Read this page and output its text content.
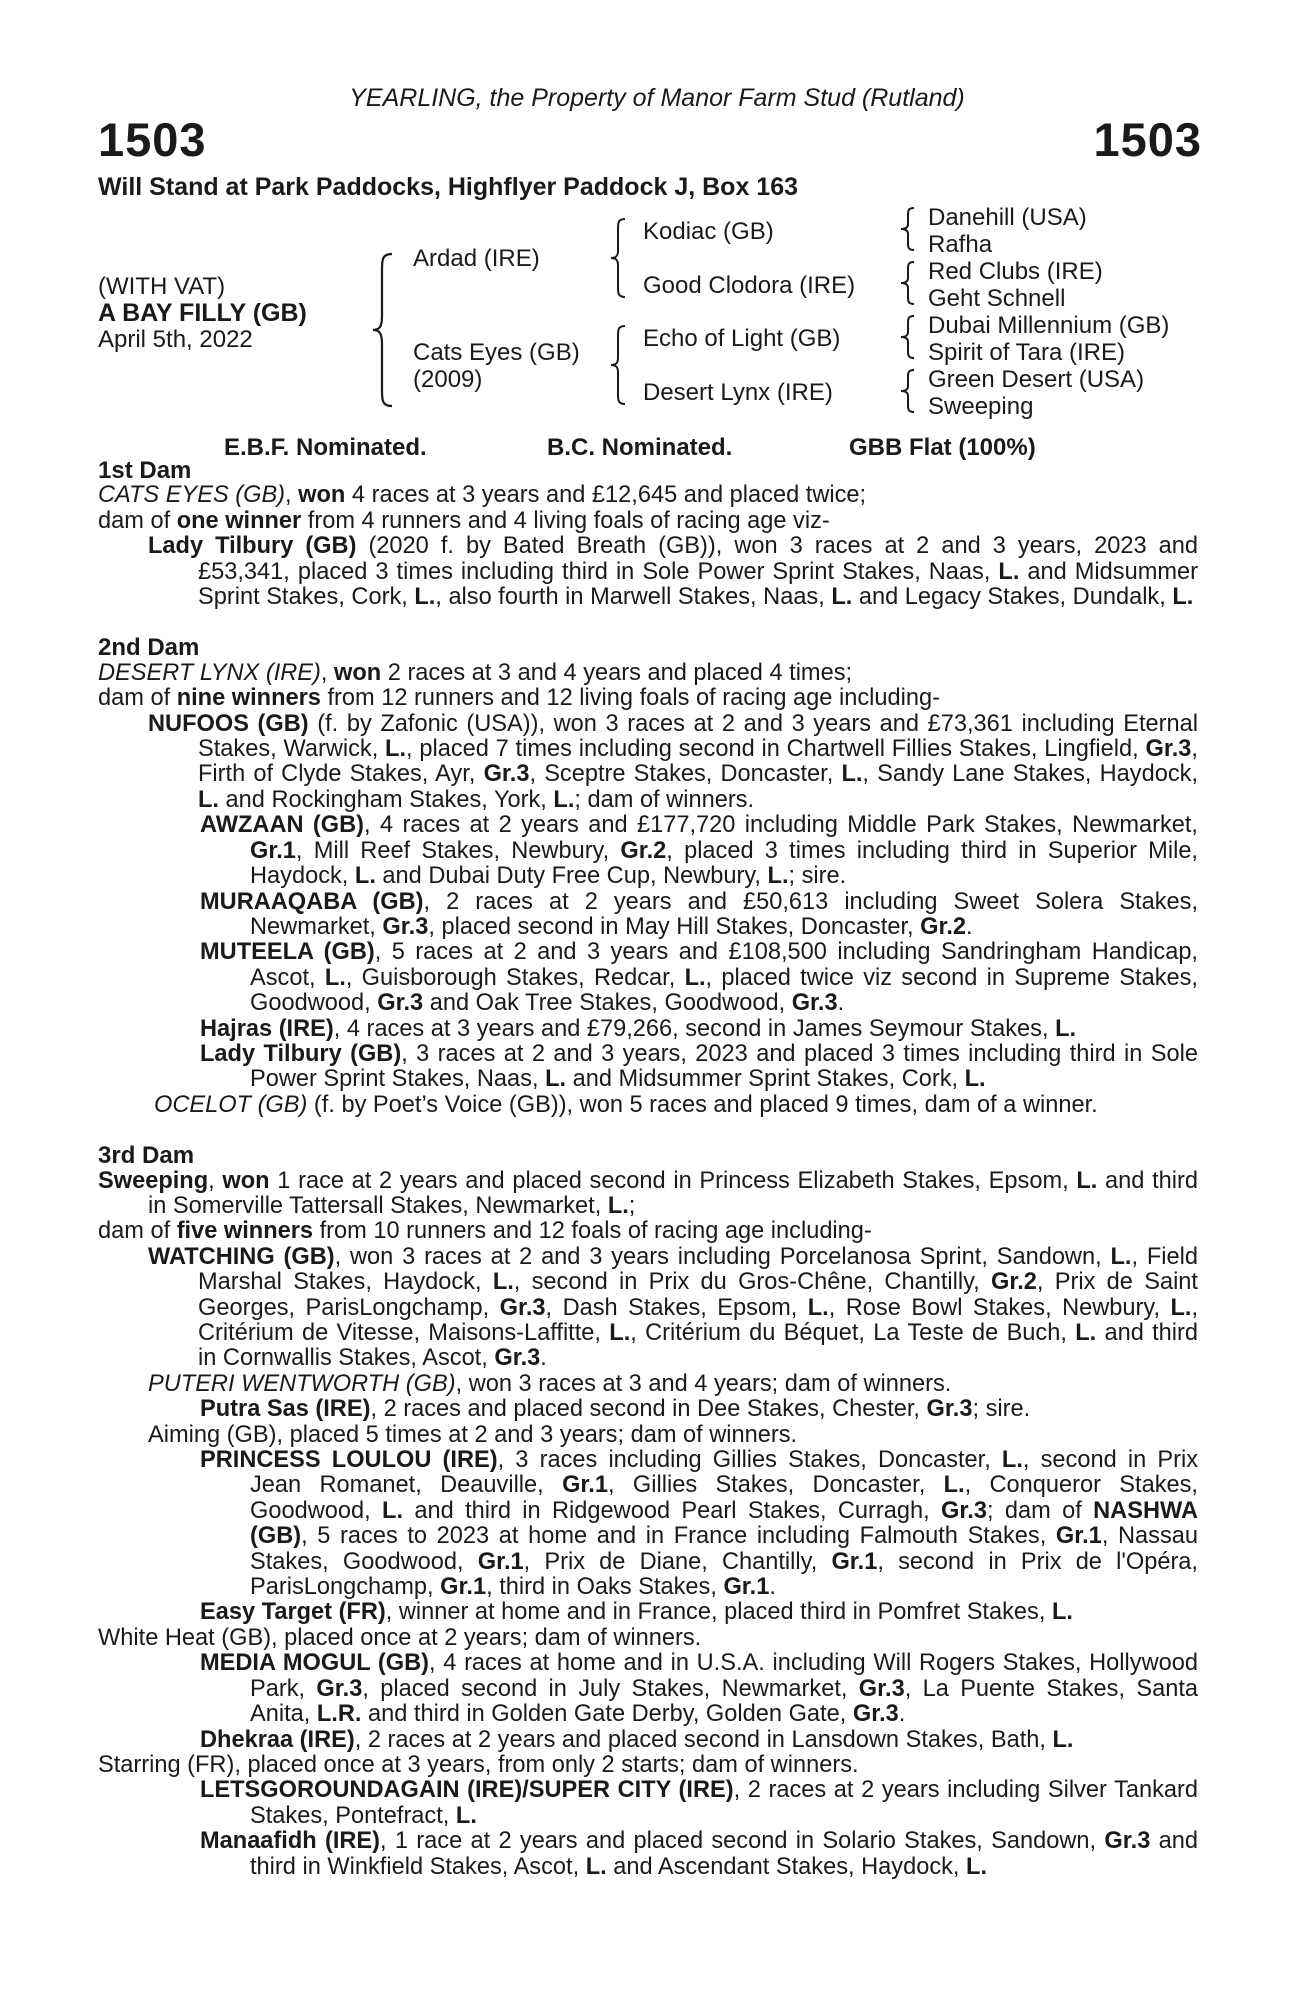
YEARLING, the Property of Manor Farm Stud (Rutland)
1503	1503
Will Stand at Park Paddocks, Highflyer Paddock J, Box 163
(WITH VAT)
A BAY FILLY (GB)
April 5th, 2022
Ardad (IRE)
Cats Eyes (GB)
(2009)
Kodiac (GB)
Good Clodora (IRE)
Echo of Light (GB)
Desert Lynx (IRE)
Danehill (USA)
Rafha
Red Clubs (IRE)
Geht Schnell
Dubai Millennium (GB)
Spirit of Tara (IRE)
Green Desert (USA)
Sweeping
E.B.F. Nominated.	B.C. Nominated.	GBB Flat (100%)
1st Dam
CATS EYES (GB), won 4 races at 3 years and £12,645 and placed twice;
dam of one winner from 4 runners and 4 living foals of racing age viz-
Lady Tilbury (GB) (2020 f. by Bated Breath (GB)), won 3 races at 2 and 3 years, 2023 and £53,341, placed 3 times including third in Sole Power Sprint Stakes, Naas, L. and Midsummer Sprint Stakes, Cork, L., also fourth in Marwell Stakes, Naas, L. and Legacy Stakes, Dundalk, L.
2nd Dam
DESERT LYNX (IRE), won 2 races at 3 and 4 years and placed 4 times;
dam of nine winners from 12 runners and 12 living foals of racing age including-
NUFOOS (GB) (f. by Zafonic (USA)), won 3 races at 2 and 3 years and £73,361 including Eternal Stakes, Warwick, L., placed 7 times including second in Chartwell Fillies Stakes, Lingfield, Gr.3, Firth of Clyde Stakes, Ayr, Gr.3, Sceptre Stakes, Doncaster, L., Sandy Lane Stakes, Haydock, L. and Rockingham Stakes, York, L.; dam of winners.
AWZAAN (GB), 4 races at 2 years and £177,720 including Middle Park Stakes, Newmarket, Gr.1, Mill Reef Stakes, Newbury, Gr.2, placed 3 times including third in Superior Mile, Haydock, L. and Dubai Duty Free Cup, Newbury, L.; sire.
MURAAQABA (GB), 2 races at 2 years and £50,613 including Sweet Solera Stakes, Newmarket, Gr.3, placed second in May Hill Stakes, Doncaster, Gr.2.
MUTEELA (GB), 5 races at 2 and 3 years and £108,500 including Sandringham Handicap, Ascot, L., Guisborough Stakes, Redcar, L., placed twice viz second in Supreme Stakes, Goodwood, Gr.3 and Oak Tree Stakes, Goodwood, Gr.3.
Hajras (IRE), 4 races at 3 years and £79,266, second in James Seymour Stakes, L.
Lady Tilbury (GB), 3 races at 2 and 3 years, 2023 and placed 3 times including third in Sole Power Sprint Stakes, Naas, L. and Midsummer Sprint Stakes, Cork, L.
OCELOT (GB) (f. by Poet’s Voice (GB)), won 5 races and placed 9 times, dam of a winner.
3rd Dam
Sweeping, won 1 race at 2 years and placed second in Princess Elizabeth Stakes, Epsom, L. and third in Somerville Tattersall Stakes, Newmarket, L.;
dam of five winners from 10 runners and 12 foals of racing age including-
WATCHING (GB), won 3 races at 2 and 3 years including Porcelanosa Sprint, Sandown, L., Field Marshal Stakes, Haydock, L., second in Prix du Gros-Chêne, Chantilly, Gr.2, Prix de Saint Georges, ParisLongchamp, Gr.3, Dash Stakes, Epsom, L., Rose Bowl Stakes, Newbury, L., Critérium de Vitesse, Maisons-Laffitte, L., Critérium du Béquet, La Teste de Buch, L. and third in Cornwallis Stakes, Ascot, Gr.3.
PUTERI WENTWORTH (GB), won 3 races at 3 and 4 years; dam of winners.
Putra Sas (IRE), 2 races and placed second in Dee Stakes, Chester, Gr.3; sire.
Aiming (GB), placed 5 times at 2 and 3 years; dam of winners.
PRINCESS LOULOU (IRE), 3 races including Gillies Stakes, Doncaster, L., second in Prix Jean Romanet, Deauville, Gr.1, Gillies Stakes, Doncaster, L., Conqueror Stakes, Goodwood, L. and third in Ridgewood Pearl Stakes, Curragh, Gr.3; dam of NASHWA (GB), 5 races to 2023 at home and in France including Falmouth Stakes, Gr.1, Nassau Stakes, Goodwood, Gr.1, Prix de Diane, Chantilly, Gr.1, second in Prix de l'Opéra, ParisLongchamp, Gr.1, third in Oaks Stakes, Gr.1.
Easy Target (FR), winner at home and in France, placed third in Pomfret Stakes, L.
White Heat (GB), placed once at 2 years; dam of winners.
MEDIA MOGUL (GB), 4 races at home and in U.S.A. including Will Rogers Stakes, Hollywood Park, Gr.3, placed second in July Stakes, Newmarket, Gr.3, La Puente Stakes, Santa Anita, L.R. and third in Golden Gate Derby, Golden Gate, Gr.3.
Dhekraa (IRE), 2 races at 2 years and placed second in Lansdown Stakes, Bath, L.
Starring (FR), placed once at 3 years, from only 2 starts; dam of winners.
LETSGOROUNDAGAIN (IRE)/SUPER CITY (IRE), 2 races at 2 years including Silver Tankard Stakes, Pontefract, L.
Manaafidh (IRE), 1 race at 2 years and placed second in Solario Stakes, Sandown, Gr.3 and third in Winkfield Stakes, Ascot, L. and Ascendant Stakes, Haydock, L.
